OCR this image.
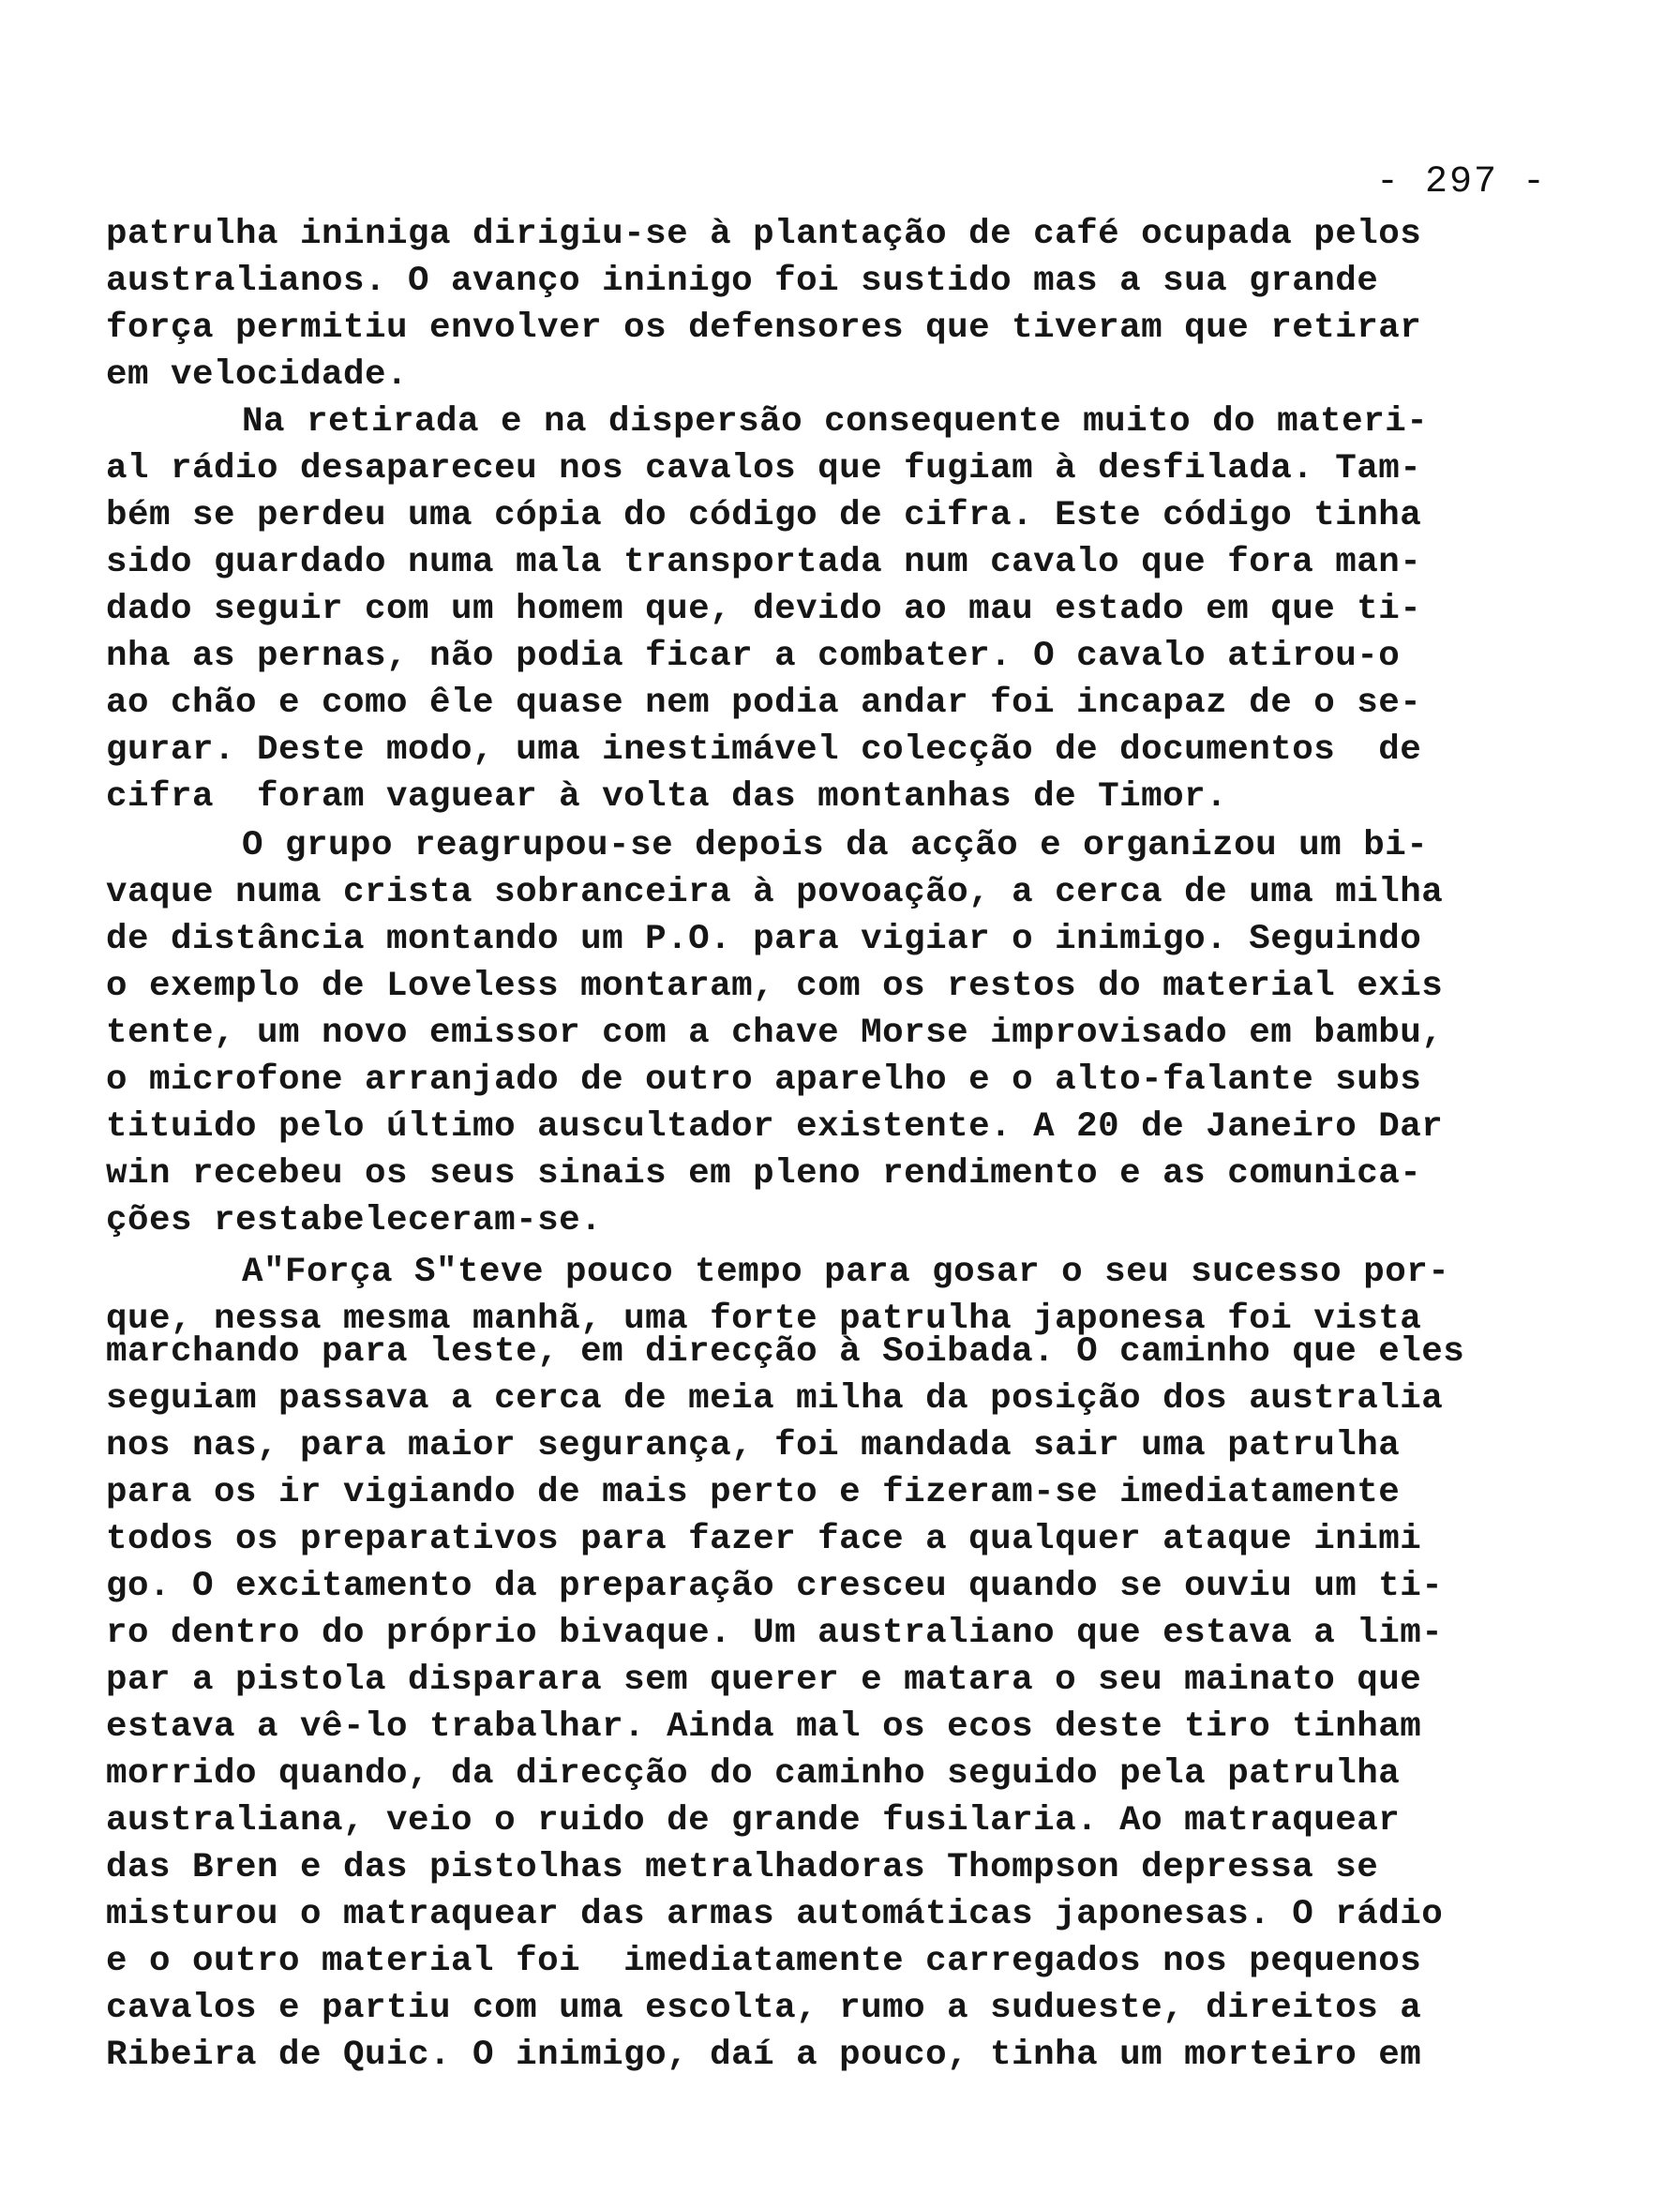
- 297 -
patrulha ininiga dirigiu-se à plantação de café ocupada pelos
australianos. O avanço ininigo foi sustido mas a sua grande
força permitiu envolver os defensores que tiveram que retirar
em velocidade.
Na retirada e na dispersão consequente muito do materi-
al rádio desapareceu nos cavalos que fugiam à desfilada. Tam-
bém se perdeu uma cópia do código de cifra. Este código tinha
sido guardado numa mala transportada num cavalo que fora man-
dado seguir com um homem que, devido ao mau estado em que ti-
nha as pernas, não podia ficar a combater. O cavalo atirou-o
ao chão e como êle quase nem podia andar foi incapaz de o se-
gurar. Deste modo, uma inestimável colecção de documentos  de
cifra  foram vaguear à volta das montanhas de Timor.
O grupo reagrupou-se depois da acção e organizou um bi-
vaque numa crista sobranceira à povoação, a cerca de uma milha
de distância montando um P.O. para vigiar o inimigo. Seguindo
o exemplo de Loveless montaram, com os restos do material exis
tente, um novo emissor com a chave Morse improvisado em bambu,
o microfone arranjado de outro aparelho e o alto-falante subs
tituido pelo último auscultador existente. A 20 de Janeiro Dar
win recebeu os seus sinais em pleno rendimento e as comunica-
ções restabeleceram-se.
A"Força S"teve pouco tempo para gosar o seu sucesso por-
que, nessa mesma manhã, uma forte patrulha japonesa foi vista
marchando para leste, em direcção à Soibada. O caminho que eles
seguiam passava a cerca de meia milha da posição dos australia
nos nas, para maior segurança, foi mandada sair uma patrulha
para os ir vigiando de mais perto e fizeram-se imediatamente
todos os preparativos para fazer face a qualquer ataque inimi
go. O excitamento da preparação cresceu quando se ouviu um ti-
ro dentro do próprio bivaque. Um australiano que estava a lim-
par a pistola disparara sem querer e matara o seu mainato que
estava a vê-lo trabalhar. Ainda mal os ecos deste tiro tinham
morrido quando, da direcção do caminho seguido pela patrulha
australiana, veio o ruido de grande fusilaria. Ao matraquear
das Bren e das pistolhas metralhadoras Thompson depressa se
misturou o matraquear das armas automáticas japonesas. O rádio
e o outro material foi  imediatamente carregados nos pequenos
cavalos e partiu com uma escolta, rumo a sudueste, direitos a
Ribeira de Quic. O inimigo, daí a pouco, tinha um morteiro em
